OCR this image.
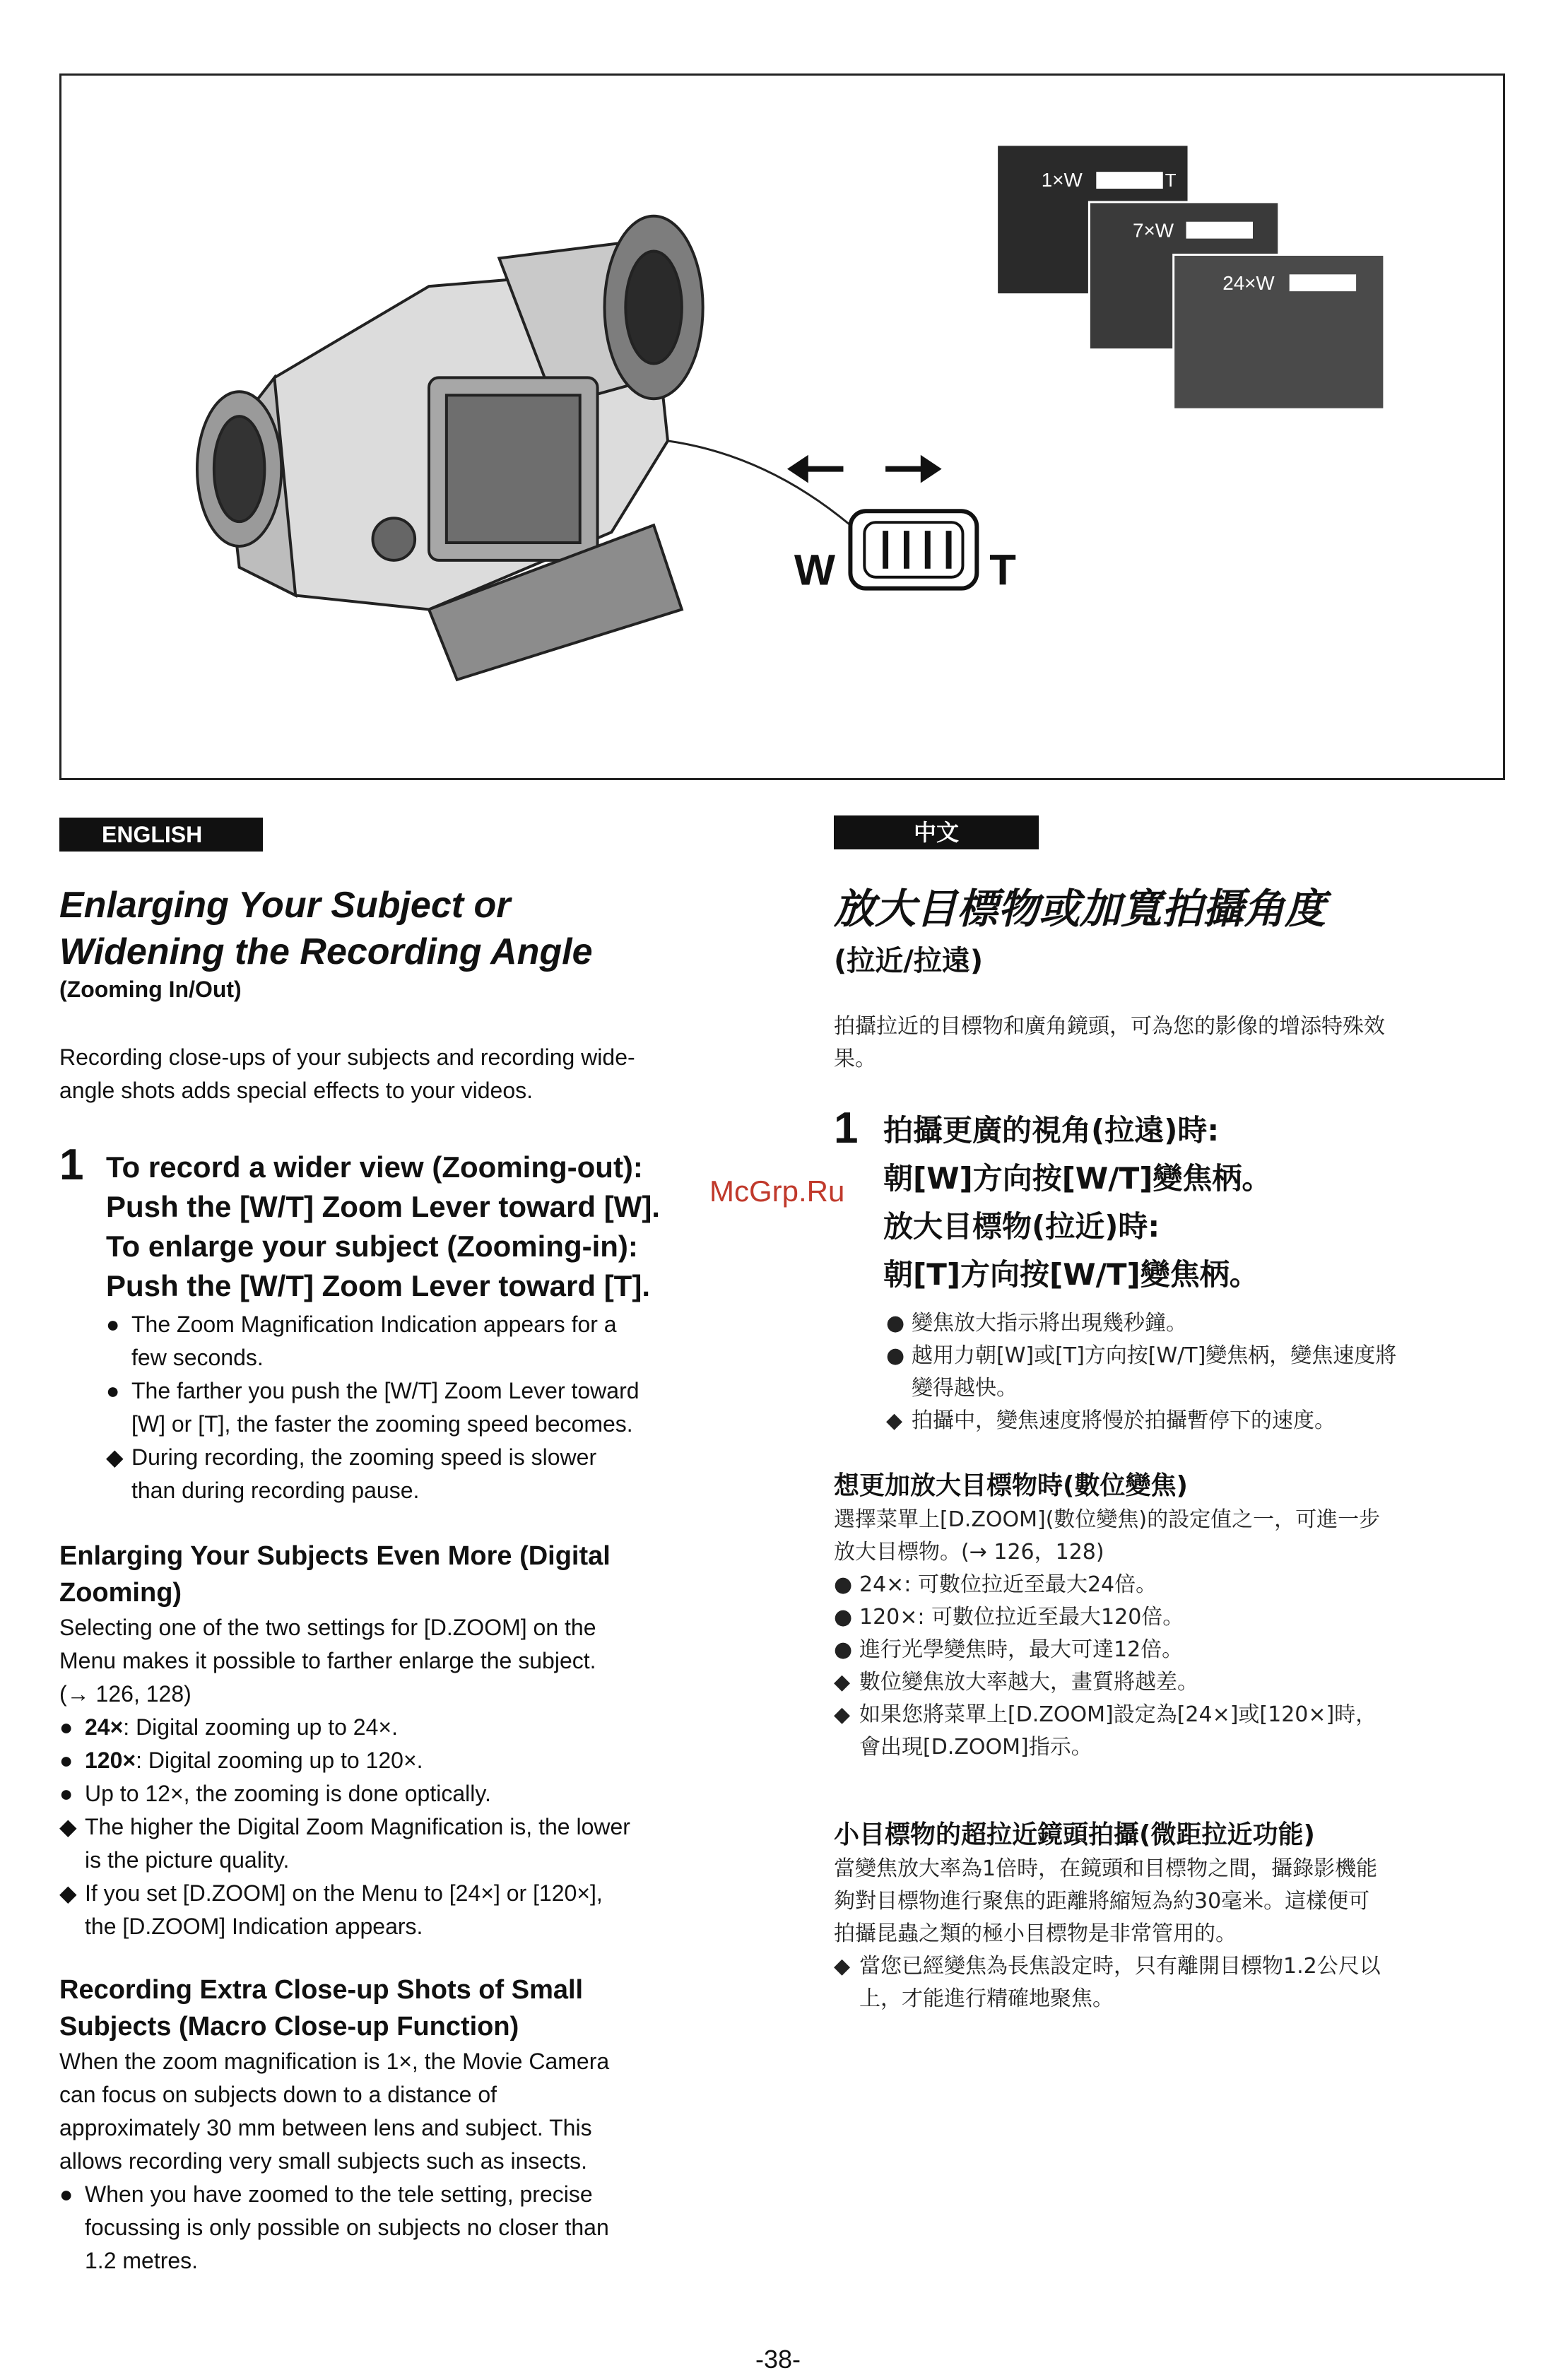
1×W	T
7×W
24×W
W	T
ENGLISH	中文

Enlarging Your Subject or

Widening the Recording Angle

(Zooming In/Out)

Recording close-ups of your subjects and recording wide-

angle shots adds special effects to your videos.

1 To record a wider view (Zooming-out):

Push the [W/T] Zoom Lever toward [W].

To enlarge your subject (Zooming-in):

Push the [W/T] Zoom Lever toward [T].

● The Zoom Magnification Indication appears for a
few seconds.
● The farther you push the [W/T] Zoom Lever toward
[W] or [T], the faster the zooming speed becomes.
◆ During recording, the zooming speed is slower
than during recording pause.

Enlarging Your Subjects Even More (Digital

Zooming)

Selecting one of the two settings for [D.ZOOM] on the

Menu makes it possible to farther enlarge the subject.

(→ 126, 128)

● 24×: Digital zooming up to 24×.
● 120×: Digital zooming up to 120×.
● Up to 12×, the zooming is done optically.
◆ The higher the Digital Zoom Magnification is, the lower
is the picture quality.
◆ If you set [D.ZOOM] on the Menu to [24×] or [120×],
the [D.ZOOM] Indication appears.

Recording Extra Close-up Shots of Small

Subjects (Macro Close-up Function)

When the zoom magnification is 1×, the Movie Camera

can focus on subjects down to a distance of

approximately 30 mm between lens and subject. This

allows recording very small subjects such as insects.

● When you have zoomed to the tele setting, precise
focussing is only possible on subjects no closer than
1.2 metres.

放大目標物或加寬拍攝角度

(拉近/拉遠)

拍攝拉近的目標物和廣角鏡頭，可為您的影像的增添特殊效

果。

1 拍攝更廣的視角(拉遠)時:

朝[W]方向按[W/T]變焦柄。

放大目標物(拉近)時:

朝[T]方向按[W/T]變焦柄。

● 變焦放大指示將出現幾秒鐘。
● 越用力朝[W]或[T]方向按[W/T]變焦柄，變焦速度將
變得越快。
◆ 拍攝中，變焦速度將慢於拍攝暫停下的速度。

想更加放大目標物時(數位變焦)

選擇菜單上[D.ZOOM](數位變焦)的設定值之一，可進一步

放大目標物。(→ 126，128)

● 24×: 可數位拉近至最大24倍。
● 120×: 可數位拉近至最大120倍。
● 進行光學變焦時，最大可達12倍。
◆ 數位變焦放大率越大，畫質將越差。
◆ 如果您將菜單上[D.ZOOM]設定為[24×]或[120×]時，
會出現[D.ZOOM]指示。

小目標物的超拉近鏡頭拍攝(微距拉近功能)

當變焦放大率為1倍時，在鏡頭和目標物之間，攝錄影機能

夠對目標物進行聚焦的距離將縮短為約30毫米。這樣便可

拍攝昆蟲之類的極小目標物是非常管用的。

◆ 當您已經變焦為長焦設定時，只有離開目標物1.2公尺以
上，才能進行精確地聚焦。
McGrp.Ru
-38-
